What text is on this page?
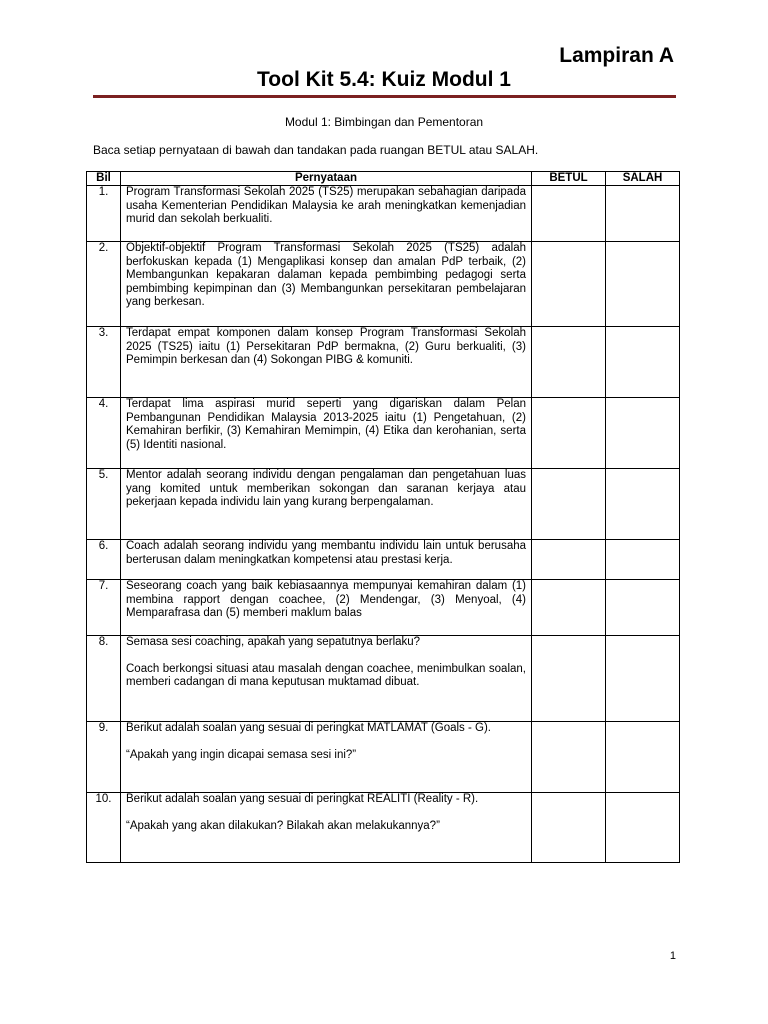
Lampiran A
Tool Kit 5.4: Kuiz Modul 1
Modul 1: Bimbingan dan Pementoran
Baca setiap pernyataan di bawah dan tandakan pada ruangan BETUL atau SALAH.
Bil	Pernyataan	BETUL	SALAH
1.	Program Transformasi Sekolah 2025 (TS25) merupakan sebahagian daripada usaha Kementerian Pendidikan Malaysia ke arah meningkatkan kemenjadian murid dan sekolah berkualiti.		

2.	Objektif-objektif Program Transformasi Sekolah 2025 (TS25) adalah berfokuskan kepada (1) Mengaplikasi konsep dan amalan PdP terbaik, (2) Membangunkan kepakaran dalaman kepada pembimbing pedagogi serta pembimbing kepimpinan dan (3) Membangunkan persekitaran pembelajaran yang berkesan.		

3.	Terdapat empat komponen dalam konsep Program Transformasi Sekolah 2025 (TS25) iaitu (1) Persekitaran PdP bermakna, (2) Guru berkualiti, (3) Pemimpin berkesan dan (4) Sokongan PIBG & komuniti.		

4.	Terdapat lima aspirasi murid seperti yang digariskan dalam Pelan Pembangunan Pendidikan Malaysia 2013-2025 iaitu (1) Pengetahuan, (2) Kemahiran berfikir, (3) Kemahiran Memimpin, (4) Etika dan kerohanian, serta (5) Identiti nasional.		

5.	Mentor adalah seorang individu dengan pengalaman dan pengetahuan luas yang komited untuk memberikan sokongan dan saranan kerjaya atau pekerjaan kepada individu lain yang kurang berpengalaman.		

6.	Coach adalah seorang individu yang membantu individu lain untuk berusaha berterusan dalam meningkatkan kompetensi atau prestasi kerja.		

7.	Seseorang coach yang baik kebiasaannya mempunyai kemahiran dalam (1) membina rapport dengan coachee, (2) Mendengar, (3) Menyoal, (4) Memparafrasa dan (5) memberi maklum balas		

8.	Semasa sesi coaching, apakah yang sepatutnya berlaku?

Coach berkongsi situasi atau masalah dengan coachee, menimbulkan soalan, memberi cadangan di mana keputusan muktamad dibuat.		

9.	Berikut adalah soalan yang sesuai di peringkat MATLAMAT (Goals - G).

“Apakah yang ingin dicapai semasa sesi ini?”		

10.	Berikut adalah soalan yang sesuai di peringkat REALITI (Reality - R).

“Apakah yang akan dilakukan? Bilakah akan melakukannya?”		

1
